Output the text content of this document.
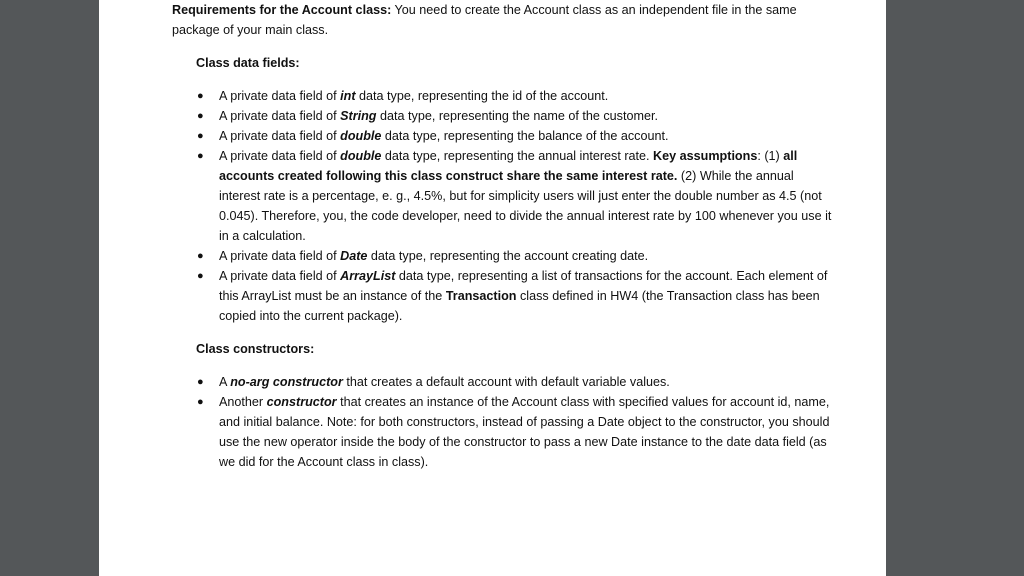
Requirements for the Account class: You need to create the Account class as an independent file in the same package of your main class.

Class data fields:

● A private data field of int data type, representing the id of the account.
● A private data field of String data type, representing the name of the customer.
● A private data field of double data type, representing the balance of the account.
● A private data field of double data type, representing the annual interest rate. Key assumptions: (1) all accounts created following this class construct share the same interest rate. (2) While the annual interest rate is a percentage, e. g., 4.5%, but for simplicity users will just enter the double number as 4.5 (not 0.045). Therefore, you, the code developer, need to divide the annual interest rate by 100 whenever you use it in a calculation.
● A private data field of Date data type, representing the account creating date.
● A private data field of ArrayList data type, representing a list of transactions for the account. Each element of this ArrayList must be an instance of the Transaction class defined in HW4 (the Transaction class has been copied into the current package).

Class constructors:

● A no-arg constructor that creates a default account with default variable values.
● Another constructor that creates an instance of the Account class with specified values for account id, name, and initial balance. Note: for both constructors, instead of passing a Date object to the constructor, you should use the new operator inside the body of the constructor to pass a new Date instance to the date data field (as we did for the Account class in class).
